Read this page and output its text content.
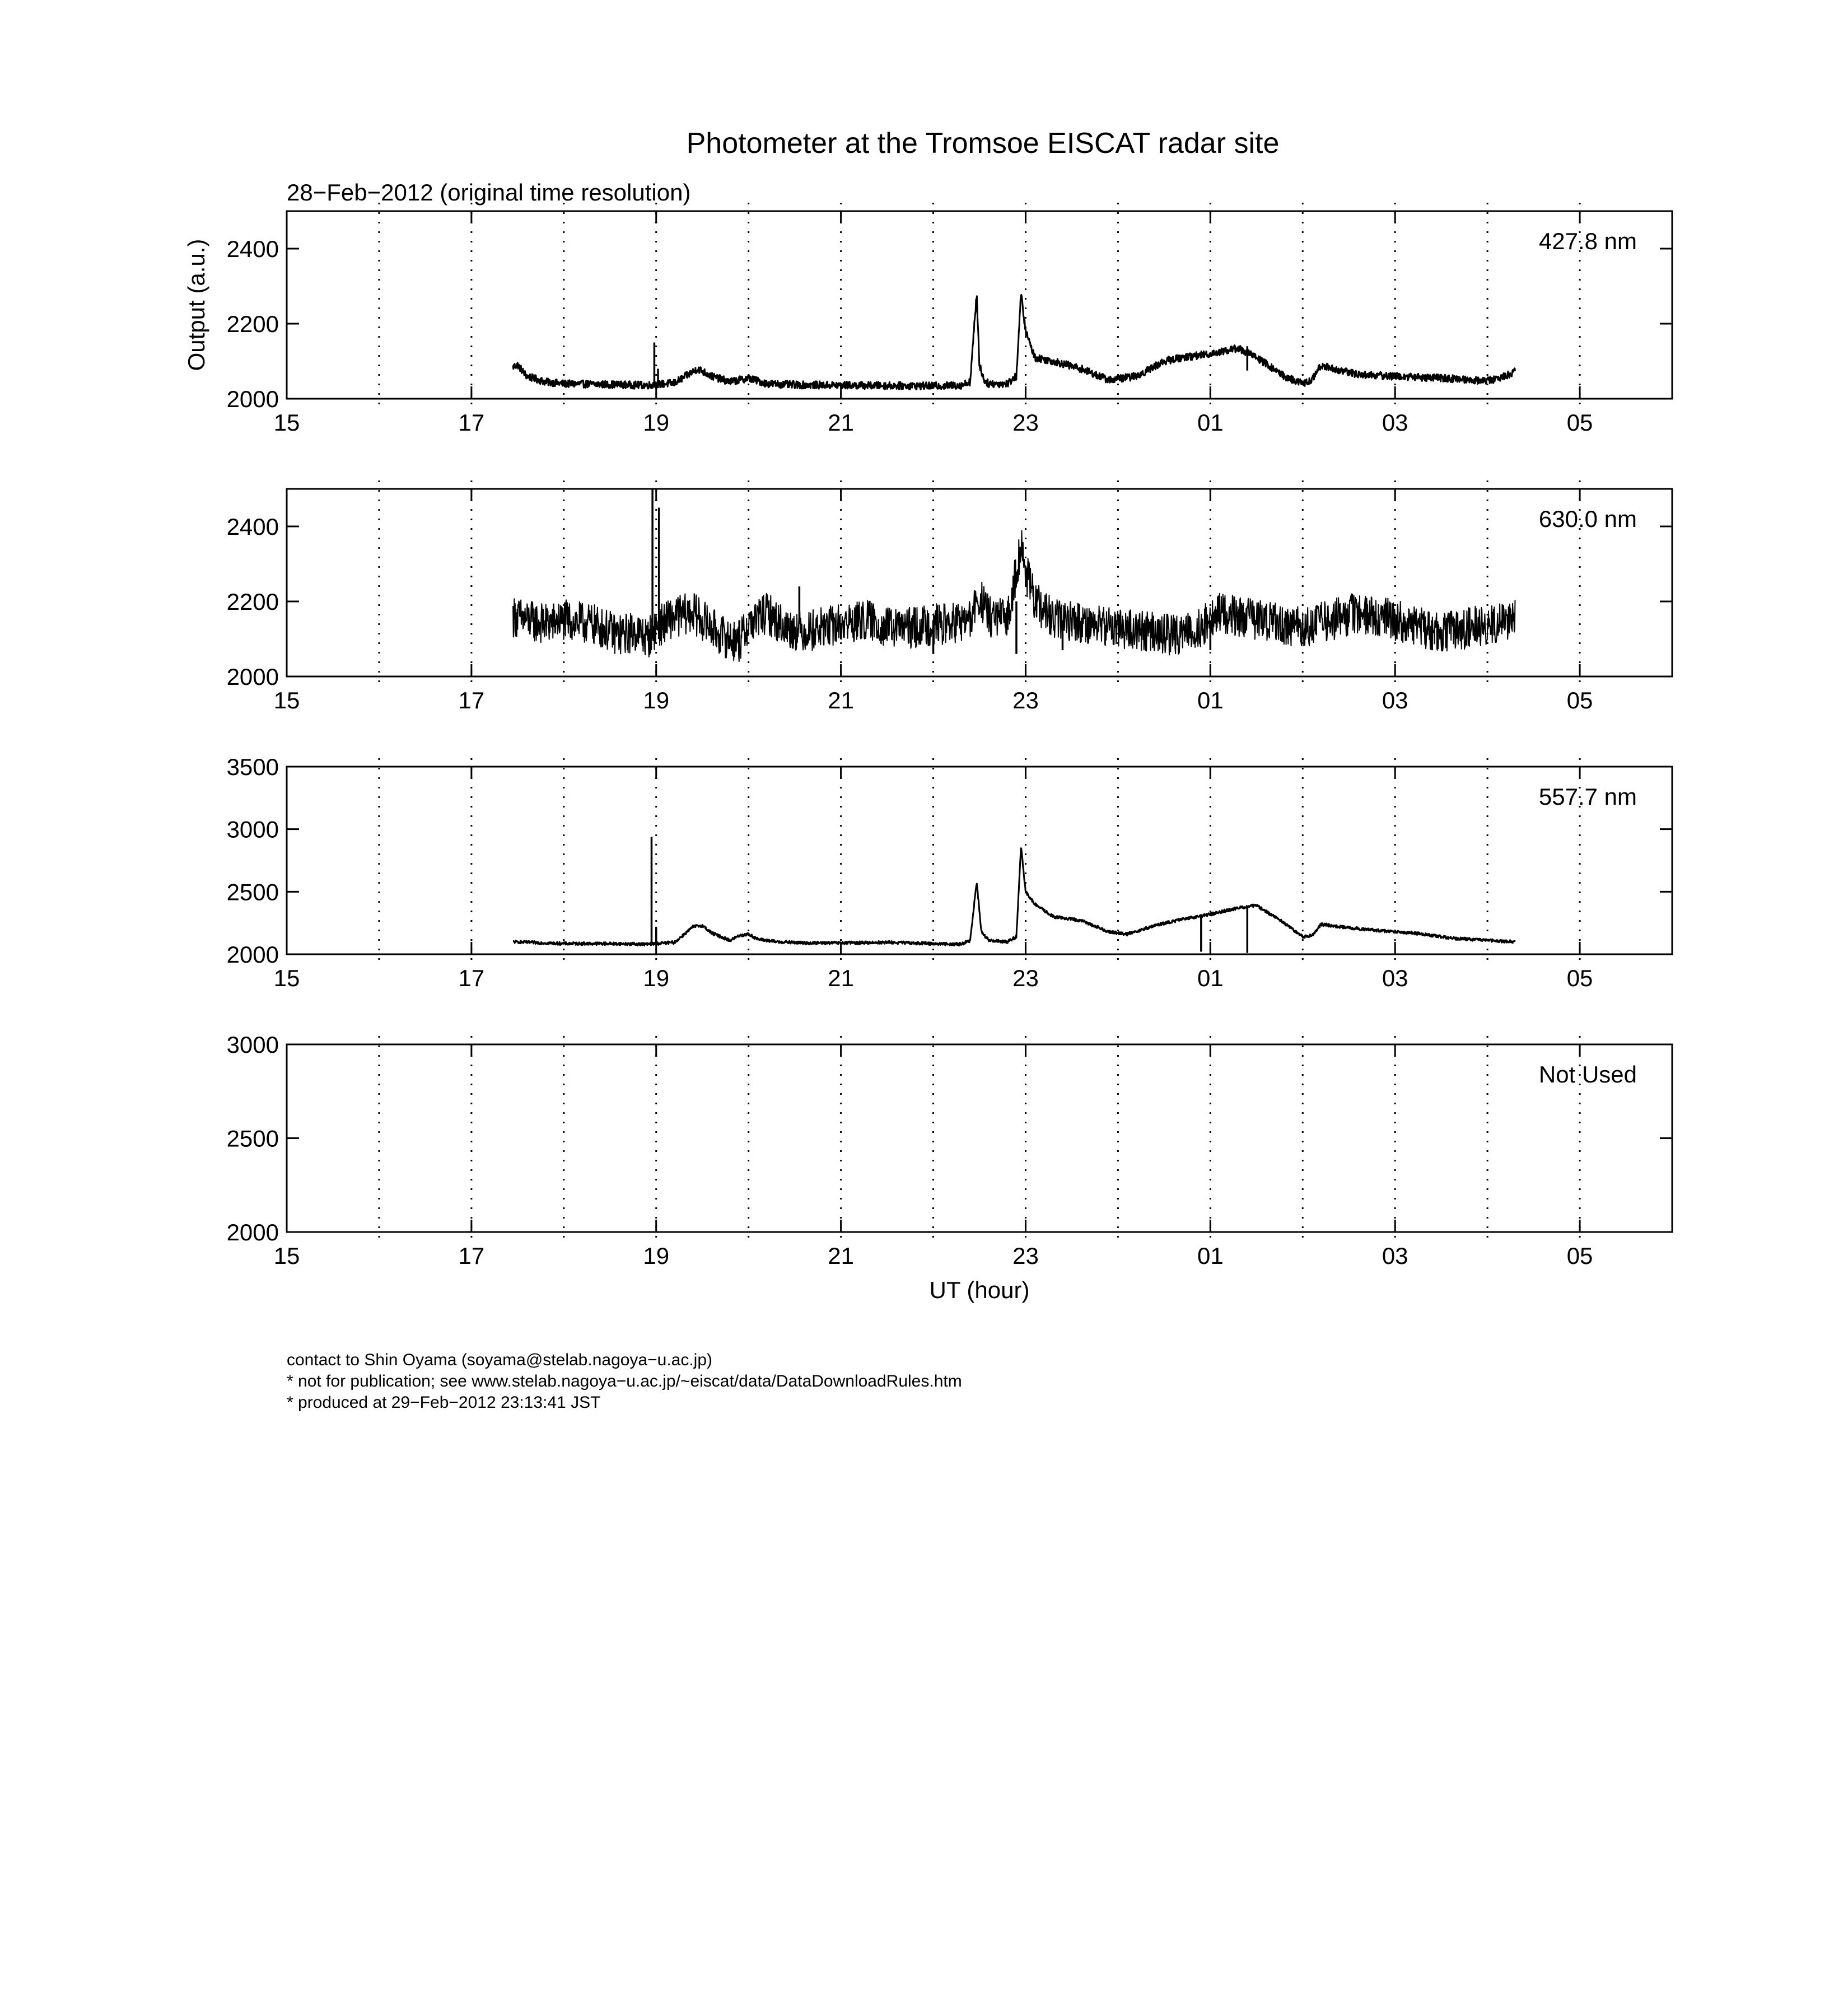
Photometer at the Tromsoe EISCAT radar site
28−Feb−2012 (original time resolution)
15	17	19	21	23	01	03	05
2000
2200
2400	427.8 nm
Output (a.u.)
15	17	19	21	23	01	03	05
2000
2200
2400	630.0 nm
15	17	19	21	23	01	03	05
2000
2500
3000
3500
557.7 nm
15	17	19	21	23	01	03	05
2000
2500
3000
Not Used
UT (hour)
contact to Shin Oyama (soyama@stelab.nagoya−u.ac.jp)
* not for publication; see www.stelab.nagoya−u.ac.jp/~eiscat/data/DataDownloadRules.htm
* produced at 29−Feb−2012 23:13:41 JST
